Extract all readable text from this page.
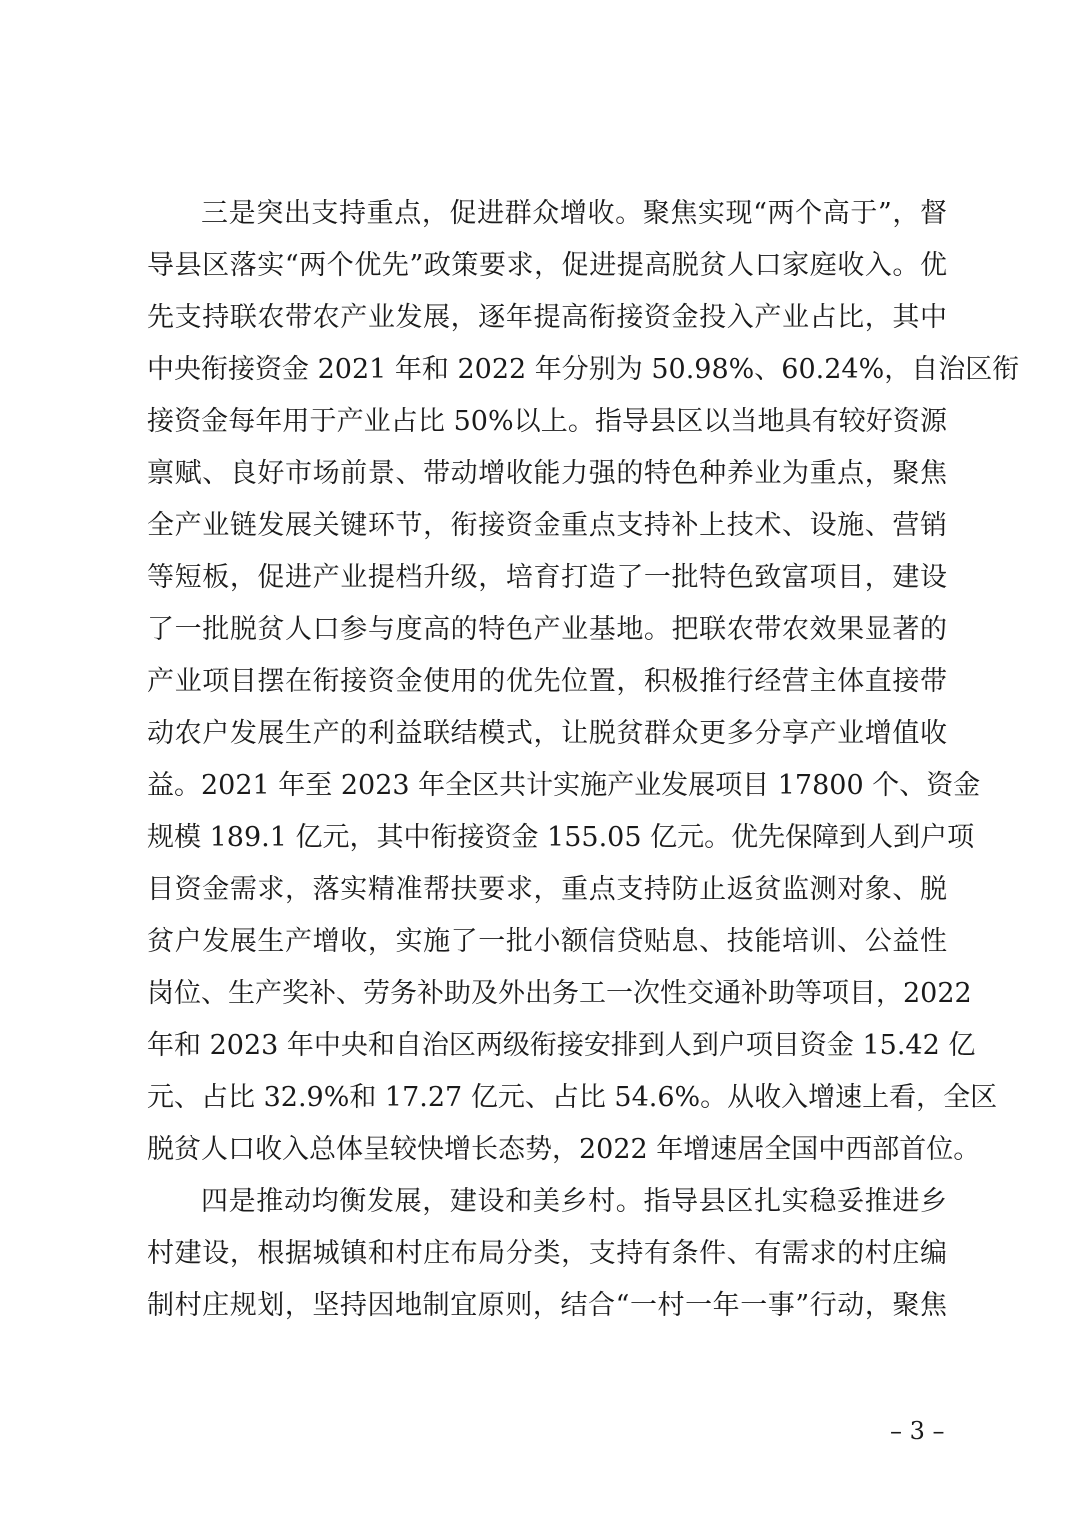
三是突出支持重点，促进群众增收。聚焦实现“两个高于”，督
导县区落实“两个优先”政策要求，促进提高脱贫人口家庭收入。优
先支持联农带农产业发展，逐年提高衔接资金投入产业占比，其中
中央衔接资金 2021 年和 2022 年分别为 50.98%、60.24%，自治区衔
接资金每年用于产业占比 50%以上。指导县区以当地具有较好资源
禀赋、良好市场前景、带动增收能力强的特色种养业为重点，聚焦
全产业链发展关键环节，衔接资金重点支持补上技术、设施、营销
等短板，促进产业提档升级，培育打造了一批特色致富项目，建设
了一批脱贫人口参与度高的特色产业基地。把联农带农效果显著的
产业项目摆在衔接资金使用的优先位置，积极推行经营主体直接带
动农户发展生产的利益联结模式，让脱贫群众更多分享产业增值收
益。2021 年至 2023 年全区共计实施产业发展项目 17800 个、资金
规模 189.1 亿元，其中衔接资金 155.05 亿元。优先保障到人到户项
目资金需求，落实精准帮扶要求，重点支持防止返贫监测对象、脱
贫户发展生产增收，实施了一批小额信贷贴息、技能培训、公益性
岗位、生产奖补、劳务补助及外出务工一次性交通补助等项目，2022
年和 2023 年中央和自治区两级衔接安排到人到户项目资金 15.42 亿
元、占比 32.9%和 17.27 亿元、占比 54.6%。从收入增速上看，全区
脱贫人口收入总体呈较快增长态势，2022 年增速居全国中西部首位。
四是推动均衡发展，建设和美乡村。指导县区扎实稳妥推进乡
村建设，根据城镇和村庄布局分类，支持有条件、有需求的村庄编
制村庄规划，坚持因地制宜原则，结合“一村一年一事”行动，聚焦
– 3 –
